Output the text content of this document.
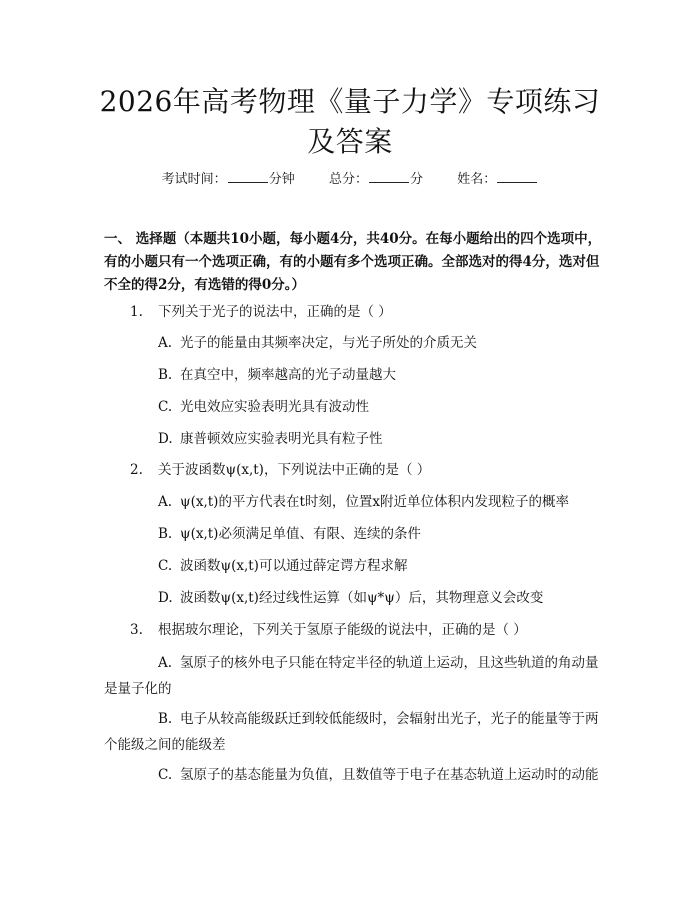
2026年高考物理《量子力学》专项练习及答案
考试时间：	分钟	总分：	分	姓名：
一、 选择题（本题共10小题，每小题4分，共40分。在每小题给出的四个选项中，有的小题只有一个选项正确，有的小题有多个选项正确。全部选对的得4分，选对但不全的得2分，有选错的得0分。）
1. 下列关于光子的说法中，正确的是（ ）
A. 光子的能量由其频率决定，与光子所处的介质无关
B. 在真空中，频率越高的光子动量越大
C. 光电效应实验表明光具有波动性
D. 康普顿效应实验表明光具有粒子性
2. 关于波函数ψ(x,t)，下列说法中正确的是（ ）
A. ψ(x,t)的平方代表在t时刻，位置x附近单位体积内发现粒子的概率
B. ψ(x,t)必须满足单值、有限、连续的条件
C. 波函数ψ(x,t)可以通过薛定谔方程求解
D. 波函数ψ(x,t)经过线性运算（如ψ*ψ）后，其物理意义会改变
3. 根据玻尔理论，下列关于氢原子能级的说法中，正确的是（ ）
A. 氢原子的核外电子只能在特定半径的轨道上运动，且这些轨道的角动量是量子化的
B. 电子从较高能级跃迁到较低能级时，会辐射出光子，光子的能量等于两个能级之间的能级差
C. 氢原子的基态能量为负值，且数值等于电子在基态轨道上运动时的动能
